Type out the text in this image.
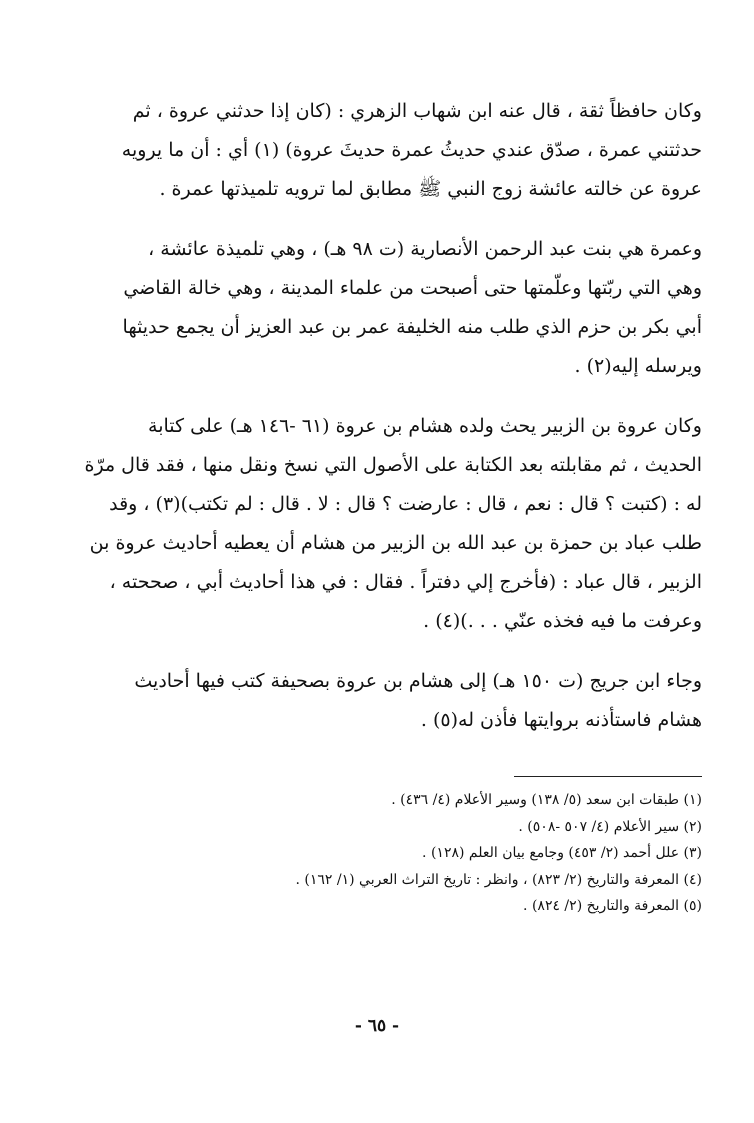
وكان حافظاً ثقة ، قال عنه ابن شهاب الزهري : (كان إذا حدثني عروة ، ثم
حدثتني عمرة ، صدّق عندي حديثُ عمرة حديثَ عروة) (١) أي : أن ما يرويه
عروة عن خالته عائشة زوج النبي ﷺ مطابق لما ترويه تلميذتها عمرة .
وعمرة هي بنت عبد الرحمن الأنصارية (ت ٩٨ هـ) ، وهي تلميذة عائشة ،
وهي التي ربّتها وعلّمتها حتى أصبحت من علماء المدينة ، وهي خالة القاضي
أبي بكر بن حزم الذي طلب منه الخليفة عمر بن عبد العزيز أن يجمع حديثها
ويرسله إليه(٢) .
وكان عروة بن الزبير يحث ولده هشام بن عروة (٦١ -١٤٦ هـ) على كتابة
الحديث ، ثم مقابلته بعد الكتابة على الأصول التي نسخ ونقل منها ، فقد قال مرّة
له : (كتبت ؟ قال : نعم ، قال : عارضت ؟ قال : لا . قال : لم تكتب)(٣) ، وقد
طلب عباد بن حمزة بن عبد الله بن الزبير من هشام أن يعطيه أحاديث عروة بن
الزبير ، قال عباد : (فأخرج إلي دفتراً . فقال : في هذا أحاديث أبي ، صححته ،
وعرفت ما فيه فخذه عنّي . . .)(٤) .
وجاء ابن جريج (ت ١٥٠ هـ) إلى هشام بن عروة بصحيفة كتب فيها أحاديث
هشام فاستأذنه بروايتها فأذن له(٥) .
(١) طبقات ابن سعد (٥/ ١٣٨) وسير الأعلام (٤/ ٤٣٦) .
(٢) سير الأعلام (٤/ ٥٠٧ -٥٠٨) .
(٣) علل أحمد (٢/ ٤٥٣) وجامع بيان العلم (١٢٨) .
(٤) المعرفة والتاريخ (٢/ ٨٢٣) ، وانظر : تاريخ التراث العربي (١/ ١٦٢) .
(٥) المعرفة والتاريخ (٢/ ٨٢٤) .
- ٦٥ -
